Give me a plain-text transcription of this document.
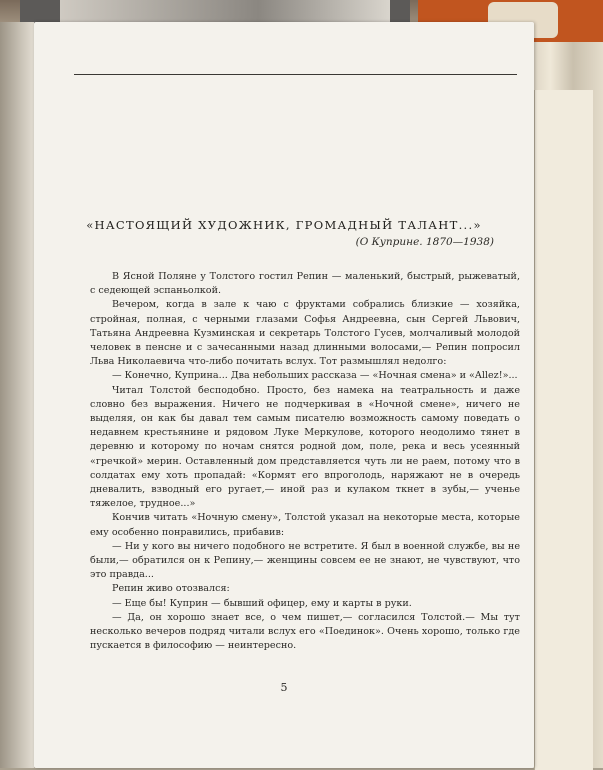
«НАСТОЯЩИЙ ХУДОЖНИК, ГРОМАДНЫЙ ТАЛАНТ...»

(О Куприне. 1870—1938)

В Ясной Поляне у Толстого гостил Репин — маленький, быстрый, рыжеватый, с седеющей эспаньолкой.

Вечером, когда в зале к чаю с фруктами собрались близкие — хозяйка, стройная, полная, с черными глазами Софья Андреевна, сын Сергей Львович, Татьяна Андреевна Кузминская и секретарь Толстого Гусев, молчаливый молодой человек в пенсне и с зачесанными назад длинными волосами,— Репин попросил Льва Николаевича что-либо почитать вслух. Тот размышлял недолго:

— Конечно, Куприна... Два небольших рассказа — «Ночная смена» и «Allez!»...

Читал Толстой бесподобно. Просто, без намека на театральность и даже словно без выражения. Ничего не подчеркивая в «Ночной смене», ничего не выделяя, он как бы давал тем самым писателю возможность самому поведать о недавнем крестьянине и рядовом Луке Меркулове, которого неодолимо тянет в деревню и которому по ночам снятся родной дом, поле, река и весь усеянный «гречкой» мерин. Оставленный дом представляется чуть ли не раем, потому что в солдатах ему хоть пропадай: «Кормят его впроголодь, наряжают не в очередь дневалить, взводный его ругает,— иной раз и кулаком ткнет в зубы,— ученье тяжелое, трудное...»

Кончив читать «Ночную смену», Толстой указал на некоторые места, которые ему особенно понравились, прибавив:

— Ни у кого вы ничего подобного не встретите. Я был в военной службе, вы не были,— обратился он к Репину,— женщины совсем ее не знают, не чувствуют, что это правда...

Репин живо отозвался:

— Еще бы! Куприн — бывший офицер, ему и карты в руки.

— Да, он хорошо знает все, о чем пишет,— согласился Толстой.— Мы тут несколько вечеров подряд читали вслух его «Поединок». Очень хорошо, только где пускается в философию — неинтересно.

5
